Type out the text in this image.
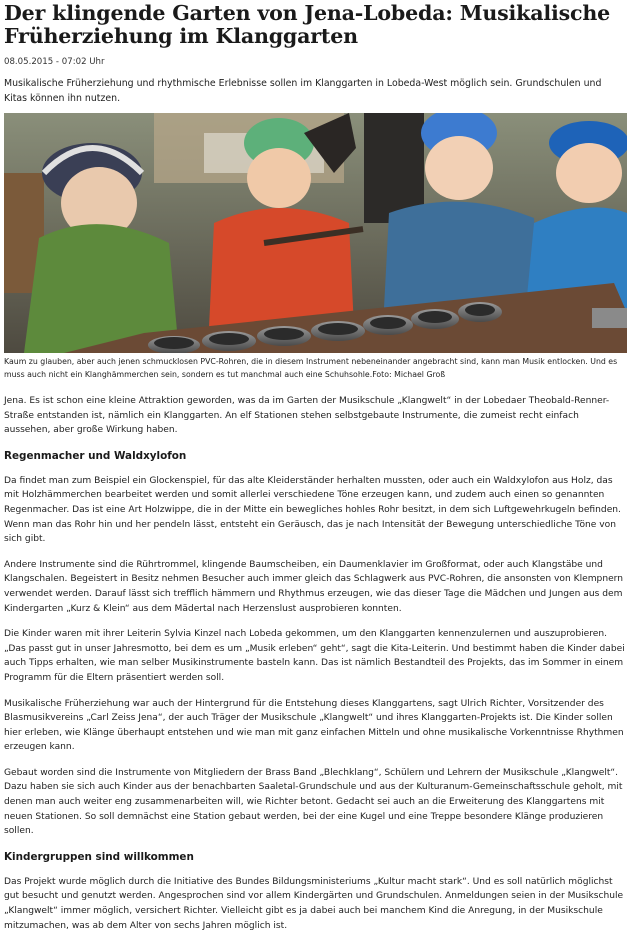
Der klingende Garten von Jena-Lobeda: Musikalische Früherziehung im Klanggarten
08.05.2015 - 07:02 Uhr

Musikalische Früherziehung und rhythmische Erlebnisse sollen im Klanggarten in Lobeda-West möglich sein. Grundschulen und Kitas können ihn nutzen.

Kaum zu glauben, aber auch jenen schmucklosen PVC-Rohren, die in diesem Instrument nebeneinander angebracht sind, kann man Musik entlocken. Und es muss auch nicht ein Klanghämmerchen sein, sondern es tut manchmal auch eine Schuhsohle.Foto: Michael Groß

Jena. Es ist schon eine kleine Attraktion geworden, was da im Garten der Musikschule „Klangwelt“ in der Lobedaer Theobald-Renner-Straße entstanden ist, nämlich ein Klanggarten. An elf Stationen stehen selbstgebaute Instrumente, die zumeist recht einfach aussehen, aber große Wirkung haben.

Regenmacher und Waldxylofon

Da findet man zum Beispiel ein Glockenspiel, für das alte Kleiderständer herhalten mussten, oder auch ein Waldxylofon aus Holz, das mit Holzhämmerchen bearbeitet werden und somit allerlei verschiedene Töne erzeugen kann, und zudem auch einen so genannten Regenmacher. Das ist eine Art Holzwippe, die in der Mitte ein bewegliches hohles Rohr besitzt, in dem sich Luftgewehrkugeln befinden. Wenn man das Rohr hin und her pendeln lässt, entsteht ein Geräusch, das je nach Intensität der Bewegung unterschiedliche Töne von sich gibt.

Andere Instrumente sind die Rührtrommel, klingende Baumscheiben, ein Daumenklavier im Großformat, oder auch Klangstäbe und Klangschalen. Begeistert in Besitz nehmen Besucher auch immer gleich das Schlagwerk aus PVC-Rohren, die ansonsten von Klempnern verwendet werden. Darauf lässt sich trefflich hämmern und Rhythmus erzeugen, wie das dieser Tage die Mädchen und Jungen aus dem Kindergarten „Kurz & Klein“ aus dem Mädertal nach Herzenslust ausprobieren konnten.

Die Kinder waren mit ihrer Leiterin Sylvia Kinzel nach Lobeda gekommen, um den Klanggarten kennenzulernen und auszuprobieren. „Das passt gut in unser Jahresmotto, bei dem es um „Musik erleben“ geht“, sagt die Kita-Leiterin. Und bestimmt haben die Kinder dabei auch Tipps erhalten, wie man selber Musikinstrumente basteln kann. Das ist nämlich Bestandteil des Projekts, das im Sommer in einem Programm für die Eltern präsentiert werden soll.

Musikalische Früherziehung war auch der Hintergrund für die Entstehung dieses Klanggartens, sagt Ulrich Richter, Vorsitzender des Blasmusikvereins „Carl Zeiss Jena“, der auch Träger der Musikschule „Klangwelt“ und ihres Klanggarten-Projekts ist. Die Kinder sollen hier erleben, wie Klänge überhaupt entstehen und wie man mit ganz einfachen Mitteln und ohne musikalische Vorkenntnisse Rhythmen erzeugen kann.

Gebaut worden sind die Instrumente von Mitgliedern der Brass Band „Blechklang“, Schülern und Lehrern der Musikschule „Klangwelt“. Dazu haben sie sich auch Kinder aus der benachbarten Saaletal-Grundschule und aus der Kulturanum-Gemeinschaftsschule geholt, mit denen man auch weiter eng zusammenarbeiten will, wie Richter betont. Gedacht sei auch an die Erweiterung des Klanggartens mit neuen Stationen. So soll demnächst eine Station gebaut werden, bei der eine Kugel und eine Treppe besondere Klänge produzieren sollen.

Kindergruppen sind willkommen

Das Projekt wurde möglich durch die Initiative des Bundes Bildungsministeriums „Kultur macht stark“. Und es soll natürlich möglichst gut besucht und genutzt werden. Angesprochen sind vor allem Kindergärten und Grundschulen. Anmeldungen seien in der Musikschule „Klangwelt“ immer möglich, versichert Richter. Vielleicht gibt es ja dabei auch bei manchem Kind die Anregung, in der Musikschule mitzumachen, was ab dem Alter von sechs Jahren möglich ist.
